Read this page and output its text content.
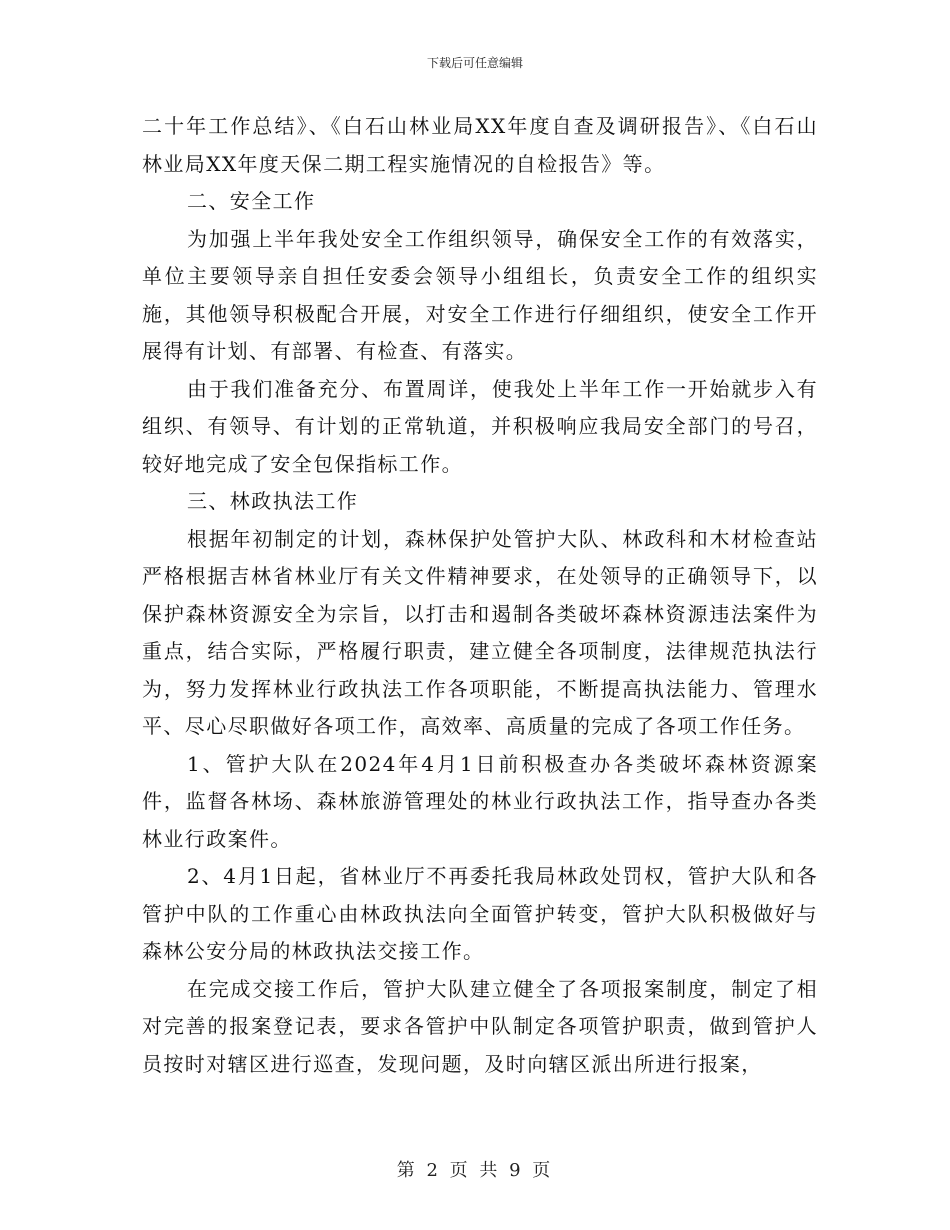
下载后可任意编辑

二十年工作总结》、《白石山林业局XX年度自查及调研报告》、《白石山林业局XX年度天保二期工程实施情况的自检报告》等。

二、安全工作

为加强上半年我处安全工作组织领导，确保安全工作的有效落实，单位主要领导亲自担任安委会领导小组组长，负责安全工作的组织实施，其他领导积极配合开展，对安全工作进行仔细组织，使安全工作开展得有计划、有部署、有检查、有落实。

由于我们准备充分、布置周详，使我处上半年工作一开始就步入有组织、有领导、有计划的正常轨道，并积极响应我局安全部门的号召，较好地完成了安全包保指标工作。

三、林政执法工作

根据年初制定的计划，森林保护处管护大队、林政科和木材检查站严格根据吉林省林业厅有关文件精神要求，在处领导的正确领导下，以保护森林资源安全为宗旨，以打击和遏制各类破坏森林资源违法案件为重点，结合实际，严格履行职责，建立健全各项制度，法律规范执法行为，努力发挥林业行政执法工作各项职能，不断提高执法能力、管理水平、尽心尽职做好各项工作，高效率、高质量的完成了各项工作任务。

1、管护大队在2024年4月1日前积极查办各类破坏森林资源案件，监督各林场、森林旅游管理处的林业行政执法工作，指导查办各类林业行政案件。

2、4月1日起，省林业厅不再委托我局林政处罚权，管护大队和各管护中队的工作重心由林政执法向全面管护转变，管护大队积极做好与森林公安分局的林政执法交接工作。

在完成交接工作后，管护大队建立健全了各项报案制度，制定了相对完善的报案登记表，要求各管护中队制定各项管护职责，做到管护人员按时对辖区进行巡查，发现问题，及时向辖区派出所进行报案，

第 2 页 共 9 页
